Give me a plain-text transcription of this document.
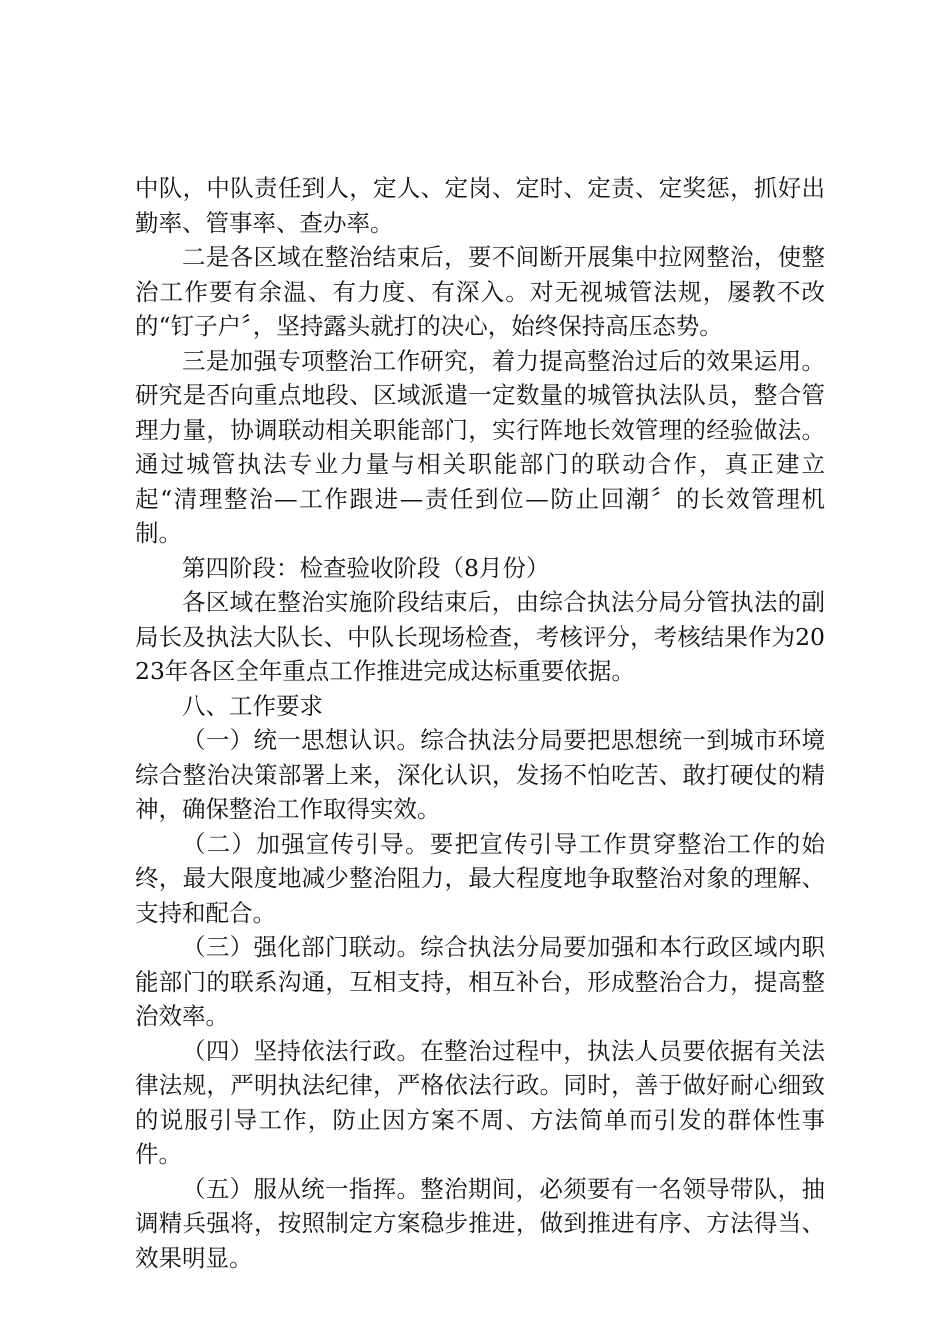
中队，中队责任到人，定人、定岗、定时、定责、定奖惩，抓好出勤率、管事率、查办率。

二是各区域在整治结束后，要不间断开展集中拉网整治，使整治工作要有余温、有力度、有深入。对无视城管法规，屡教不改的“钉子户〞，坚持露头就打的决心，始终保持高压态势。

三是加强专项整治工作研究，着力提高整治过后的效果运用。研究是否向重点地段、区域派遣一定数量的城管执法队员，整合管理力量，协调联动相关职能部门，实行阵地长效管理的经验做法。通过城管执法专业力量与相关职能部门的联动合作，真正建立起“清理整治—工作跟进—责任到位—防止回潮〞的长效管理机制。

第四阶段：检查验收阶段（8月份）

各区域在整治实施阶段结束后，由综合执法分局分管执法的副局长及执法大队长、中队长现场检查，考核评分，考核结果作为2023年各区全年重点工作推进完成达标重要依据。

八、工作要求

（一）统一思想认识。综合执法分局要把思想统一到城市环境综合整治决策部署上来，深化认识，发扬不怕吃苦、敢打硬仗的精神，确保整治工作取得实效。

（二）加强宣传引导。要把宣传引导工作贯穿整治工作的始终，最大限度地减少整治阻力，最大程度地争取整治对象的理解、支持和配合。

（三）强化部门联动。综合执法分局要加强和本行政区域内职能部门的联系沟通，互相支持，相互补台，形成整治合力，提高整治效率。

（四）坚持依法行政。在整治过程中，执法人员要依据有关法律法规，严明执法纪律，严格依法行政。同时，善于做好耐心细致的说服引导工作，防止因方案不周、方法简单而引发的群体性事件。

（五）服从统一指挥。整治期间，必须要有一名领导带队，抽调精兵强将，按照制定方案稳步推进，做到推进有序、方法得当、效果明显。
